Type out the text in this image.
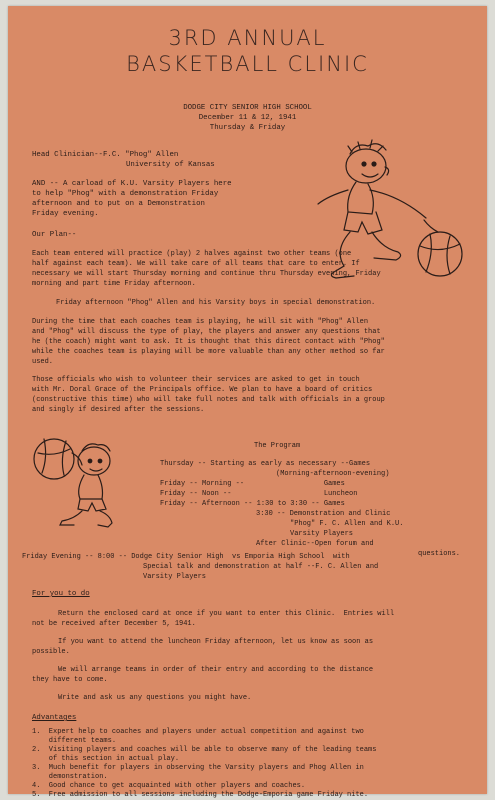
3RD ANNUAL
BASKETBALL CLINIC
DODGE CITY SENIOR HIGH SCHOOL
December 11 & 12, 1941
Thursday & Friday
Head Clinician--F.C. "Phog" Allen
University of Kansas
AND -- A carload of K.U. Varsity Players here
to help "Phog" with a demonstration Friday
afternoon and to put on a Demonstration
Friday evening.
Our Plan--
Each team entered will practice (play) 2 halves against two other teams (one
half against each team). We will take care of all teams that care to enter. If
necessary we will start Thursday morning and continue thru Thursday evening, Friday
morning and part time Friday afternoon.
Friday afternoon "Phog" Allen and his Varsity boys in special demonstration.
During the time that each coaches team is playing, he will sit with "Phog" Allen
and "Phog" will discuss the type of play, the players and answer any questions that
he (the coach) might want to ask. It is thought that this direct contact with "Phog"
while the coaches team is playing will be more valuable than any other method so far
used.
Those officials who wish to volunteer their services are asked to get in touch
with Mr. Doral Grace of the Principals office. We plan to have a board of critics
(constructive this time) who will take full notes and talk with officials in a group
and singly if desired after the sessions.
The Program
Thursday -- Starting as early as necessary --Games
(Morning-afternoon-evening)
Friday -- Morning --                   Games
Friday -- Noon --                      Luncheon
Friday -- Afternoon -- 1:30 to 3:30 -- Games
3:30 -- Demonstration and Clinic
"Phog" F. C. Allen and K.U.
Varsity Players
After Clinic--Open forum and
questions.
Friday Evening -- 8:00 -- Dodge City Senior High  vs Emporia High School  with
Special talk and demonstration at half --F. C. Allen and
Varsity Players
For you to do
Return the enclosed card at once if you want to enter this Clinic.  Entries will
not be received after December 5, 1941.
If you want to attend the luncheon Friday afternoon, let us know as soon as
possible.
We will arrange teams in order of their entry and according to the distance
they have to come.
Write and ask us any questions you might have.
Advantages
1.  Expert help to coaches and players under actual competition and against two
different teams.
2.  Visiting players and coaches will be able to observe many of the leading teams
of this section in actual play.
3.  Much benefit for players in observing the Varsity players and Phog Allen in
demonstration.
4.  Good chance to get acquainted with other players and coaches.
5.  Free admission to all sessions including the Dodge-Emporia game Friday nite.
